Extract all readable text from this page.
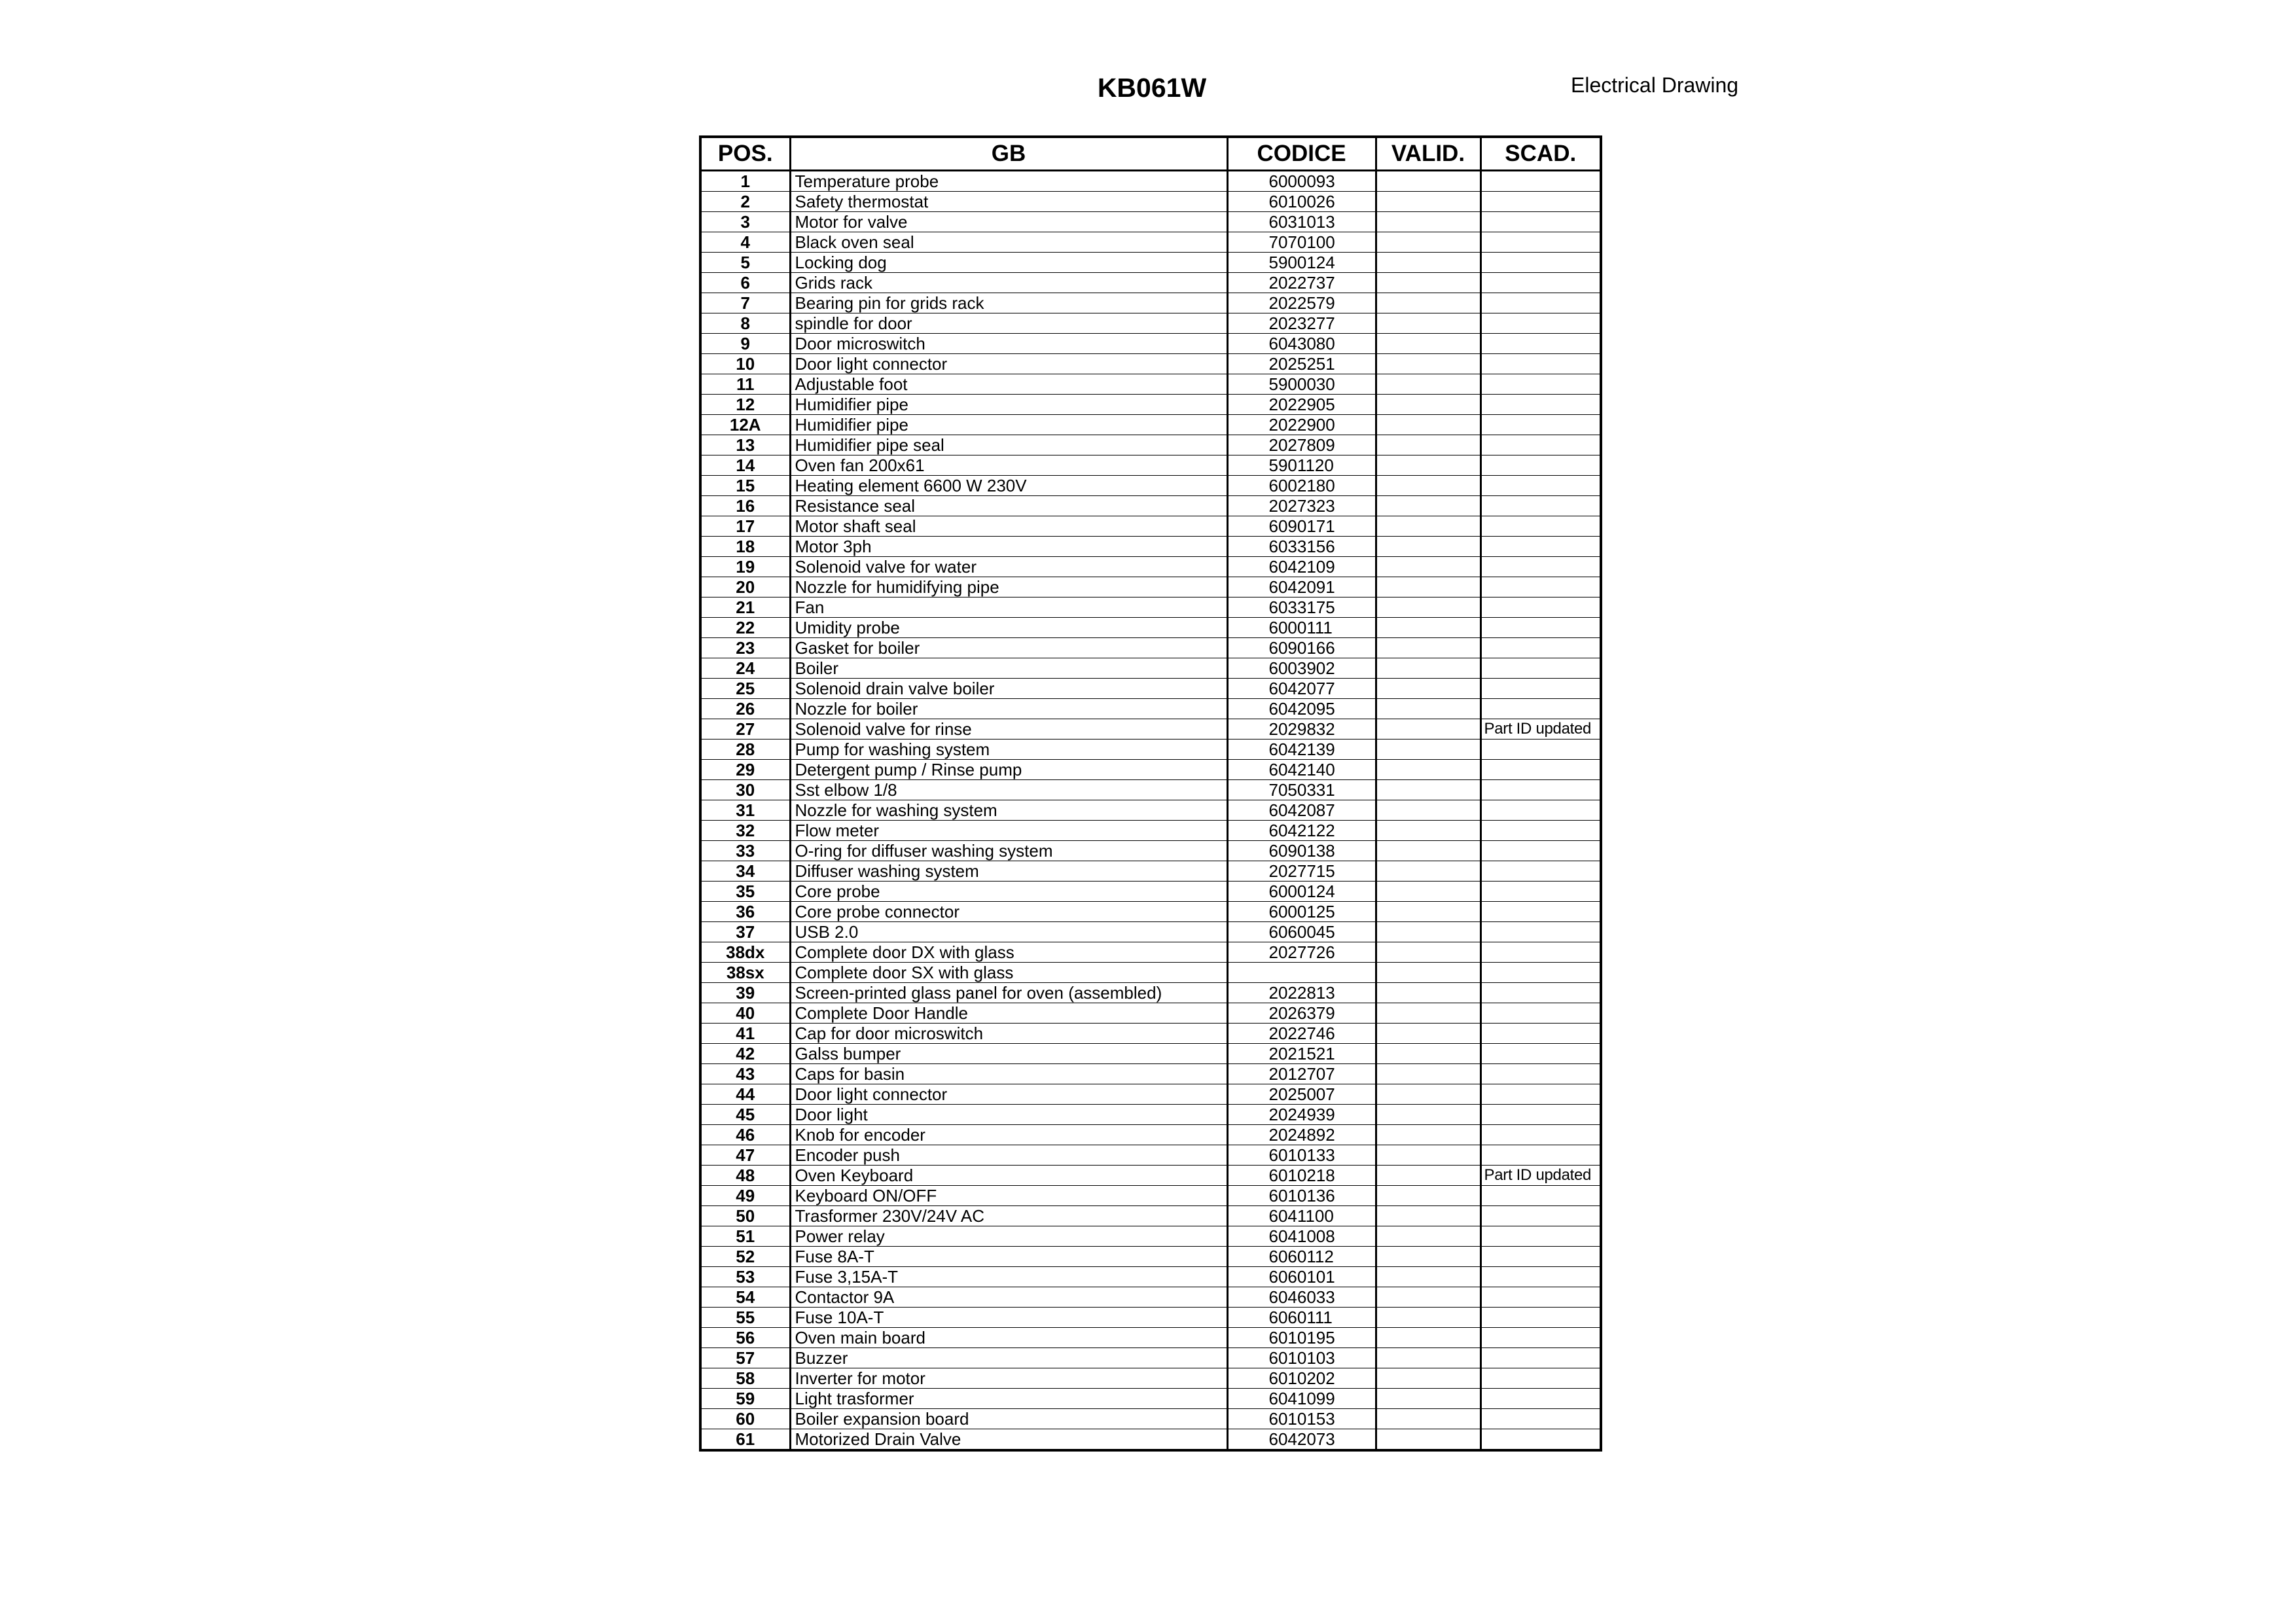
KB061W	Electrical Drawing
POS.	GB	CODICE	VALID.	SCAD.
1	Temperature probe	6000093		
2	Safety thermostat	6010026		
3	Motor for valve	6031013		
4	Black oven seal	7070100		
5	Locking dog	5900124		
6	Grids rack	2022737		
7	Bearing pin for grids rack	2022579		
8	spindle for door	2023277		
9	Door microswitch	6043080		
10	Door light connector	2025251		
11	Adjustable foot	5900030		
12	Humidifier pipe	2022905		
12A	Humidifier pipe	2022900		
13	Humidifier pipe seal	2027809		
14	Oven fan 200x61	5901120		
15	Heating element 6600 W 230V	6002180		
16	Resistance seal	2027323		
17	Motor shaft seal	6090171		
18	Motor 3ph	6033156		
19	Solenoid valve for water	6042109		
20	Nozzle for humidifying pipe	6042091		
21	Fan	6033175		
22	Umidity probe	6000111		
23	Gasket for boiler	6090166		
24	Boiler	6003902		
25	Solenoid drain valve boiler	6042077		
26	Nozzle for boiler	6042095		
27	Solenoid valve for rinse	2029832		Part ID updated
28	Pump for washing system	6042139		
29	Detergent pump / Rinse pump	6042140		
30	Sst elbow 1/8	7050331		
31	Nozzle for washing system	6042087		
32	Flow meter	6042122		
33	O-ring for diffuser washing system	6090138		
34	Diffuser washing system	2027715		
35	Core probe	6000124		
36	Core probe connector	6000125		
37	USB 2.0	6060045		
38dx	Complete door DX with glass	2027726		
38sx	Complete door SX with glass			
39	Screen-printed glass panel for oven (assembled)	2022813		
40	Complete Door Handle	2026379		
41	Cap for door microswitch	2022746		
42	Galss bumper	2021521		
43	Caps for basin	2012707		
44	Door light connector	2025007		
45	Door light	2024939		
46	Knob for encoder	2024892		
47	Encoder push	6010133		
48	Oven Keyboard	6010218		Part ID updated
49	Keyboard ON/OFF	6010136		
50	Trasformer 230V/24V AC	6041100		
51	Power relay	6041008		
52	Fuse 8A-T	6060112		
53	Fuse 3,15A-T	6060101		
54	Contactor 9A	6046033		
55	Fuse 10A-T	6060111		
56	Oven main board	6010195		
57	Buzzer	6010103		
58	Inverter for motor	6010202		
59	Light trasformer	6041099		
60	Boiler expansion board	6010153		
61	Motorized Drain Valve	6042073		
